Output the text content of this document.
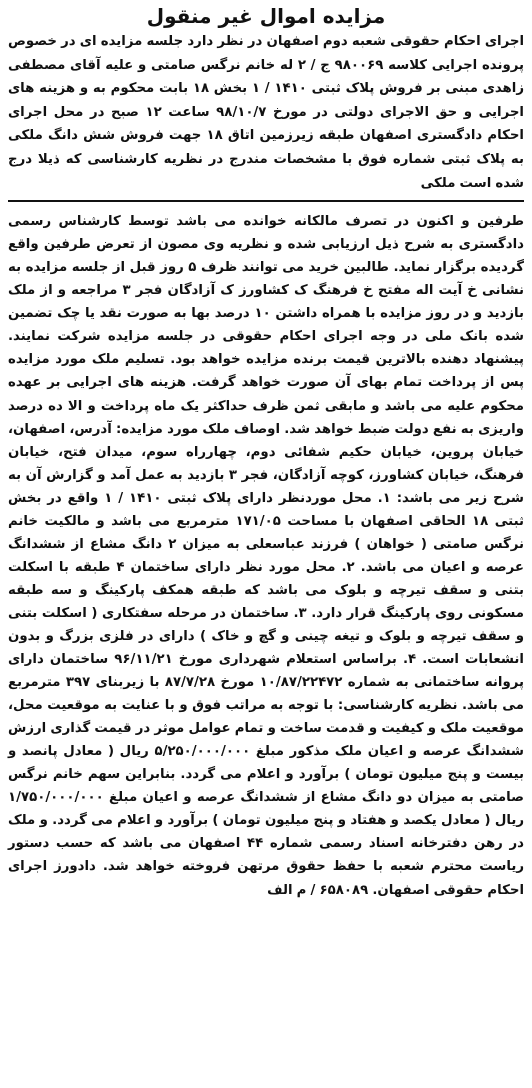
مزایده اموال غیر منقول

اجرای احکام حقوقی شعبه دوم اصفهان در نظر دارد جلسه مزایده ای در خصوص پرونده اجرایی کلاسه ۹۸۰۰۶۹ ج / ۲ له خانم نرگس صامتی و علیه آقای مصطفی زاهدی مبنی بر فروش پلاک ثبتی ۱۴۱۰ / ۱ بخش ۱۸ بابت محکوم به و هزینه های اجرایی و حق الاجرای دولتی در مورخ ۹۸/۱۰/۷ ساعت ۱۲ صبح در محل اجرای احکام دادگستری اصفهان طبقه زیرزمین اتاق ۱۸ جهت فروش شش دانگ ملکی به پلاک ثبتی شماره فوق با مشخصات مندرج در نظریه کارشناسی که ذیلا درج شده است ملکی

طرفین و اکنون در تصرف مالکانه خوانده می باشد توسط کارشناس رسمی دادگستری به شرح ذیل ارزیابی شده و نظریه وی مصون از تعرض طرفین واقع گردیده برگزار نماید. طالبین خرید می توانند ظرف ۵ روز قبل از جلسه مزایده به نشانی خ آیت اله مفتح خ فرهنگ ک کشاورز ک آزادگان فجر ۳ مراجعه و از ملک بازدید و در روز مزایده با همراه داشتن ۱۰ درصد بها به صورت نقد یا چک تضمین شده بانک ملی در وجه اجرای احکام حقوقی در جلسه مزایده شرکت نمایند. پیشنهاد دهنده بالاترین قیمت برنده مزایده خواهد بود. تسلیم ملک مورد مزایده پس از پرداخت تمام بهای آن صورت خواهد گرفت. هزینه های اجرایی بر عهده محکوم علیه می باشد و مابقی ثمن ظرف حداکثر یک ماه پرداخت و الا ده درصد واریزی به نفع دولت ضبط خواهد شد. اوصاف ملک مورد مزایده: آدرس، اصفهان، خیابان پروین، خیابان حکیم شفائی دوم، چهارراه سوم، میدان فتح، خیابان فرهنگ، خیابان کشاورز، کوچه آزادگان، فجر ۳ بازدید به عمل آمد و گزارش آن به شرح زیر می باشد: ۱. محل موردنظر دارای پلاک ثبتی ۱۴۱۰ / ۱ واقع در بخش ثبتی ۱۸ الحاقی اصفهان با مساحت ۱۷۱/۰۵ مترمربع می باشد و مالکیت خانم نرگس صامتی ( خواهان ) فرزند عباسعلی به میزان ۲ دانگ مشاع از ششدانگ عرصه و اعیان می باشد. ۲. محل مورد نظر دارای ساختمان ۴ طبقه با اسکلت بتنی و سقف تیرچه و بلوک می باشد که طبقه همکف پارکینگ و سه طبقه مسکونی روی پارکینگ قرار دارد. ۳. ساختمان در مرحله سفتکاری ( اسکلت بتنی و سقف تیرچه و بلوک و تیغه چینی و گچ و خاک ) دارای در فلزی بزرگ و بدون انشعابات است. ۴. براساس استعلام شهرداری مورخ ۹۶/۱۱/۲۱ ساختمان دارای پروانه ساختمانی به شماره ۱۰/۸۷/۲۲۴۷۲ مورخ ۸۷/۷/۲۸ با زیربنای ۳۹۷ مترمربع می باشد. نظریه کارشناسی: با توجه به مراتب فوق و با عنایت به موقعیت محل، موقعیت ملک و کیفیت و قدمت ساخت و تمام عوامل موثر در قیمت گذاری ارزش ششدانگ عرصه و اعیان ملک مذکور مبلغ ۵/۲۵۰/۰۰۰/۰۰۰ ریال ( معادل پانصد و بیست و پنج میلیون تومان ) برآورد و اعلام می گردد. بنابراین سهم خانم نرگس صامتی به میزان دو دانگ مشاع از ششدانگ عرصه و اعیان مبلغ ۱/۷۵۰/۰۰۰/۰۰۰ ریال ( معادل یکصد و هفتاد و پنج میلیون تومان ) برآورد و اعلام می گردد. و ملک در رهن دفترخانه اسناد رسمی شماره ۴۴ اصفهان می باشد که حسب دستور ریاست محترم شعبه با حفظ حقوق مرتهن فروخته خواهد شد. دادورز اجرای احکام حقوقی اصفهان. ۶۵۸۰۸۹ / م الف
